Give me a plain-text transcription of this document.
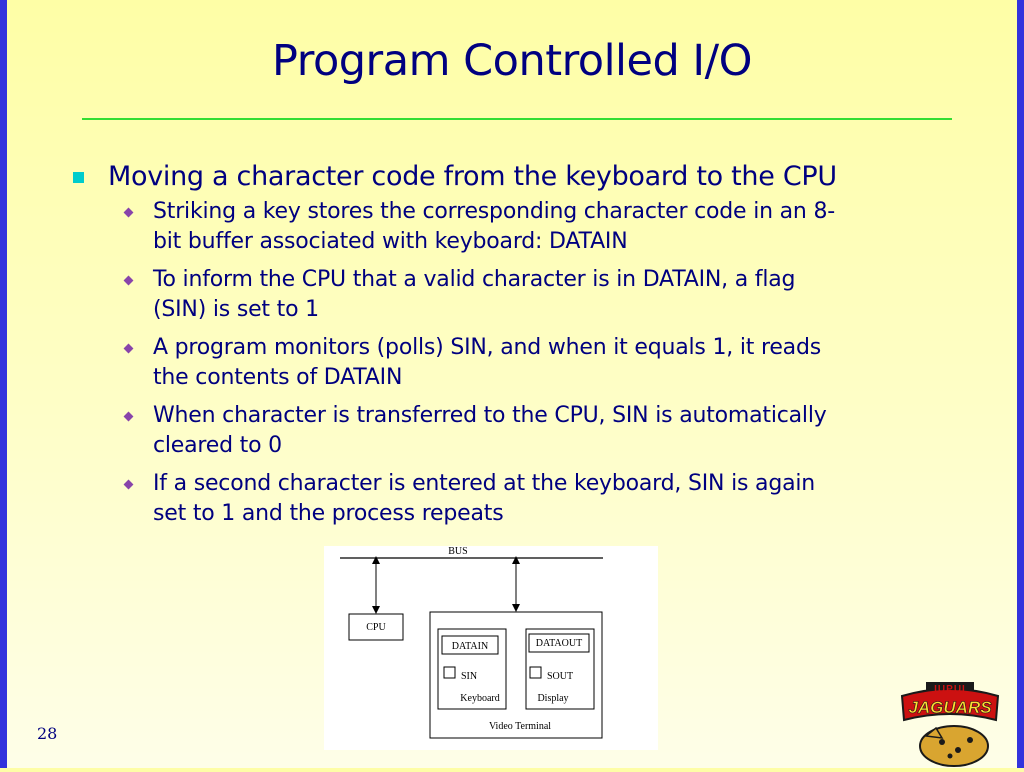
Program Controlled I/O
Moving a character code from the keyboard to the CPU
Striking a key stores the corresponding character code in an 8-
bit buffer associated with keyboard: DATAIN
To inform the CPU that a valid character is in DATAIN, a flag
(SIN) is set to 1
A program monitors (polls) SIN, and when it equals 1, it reads
the contents of DATAIN
When character is transferred to the CPU, SIN is automatically
cleared to 0
If a second character is entered at the keyboard, SIN is again
set to 1 and the process repeats
BUS
CPU
DATAIN	DATAOUT
SIN	SOUT
Keyboard	Display
Video Terminal
28
IUPUI
JAGUARS
